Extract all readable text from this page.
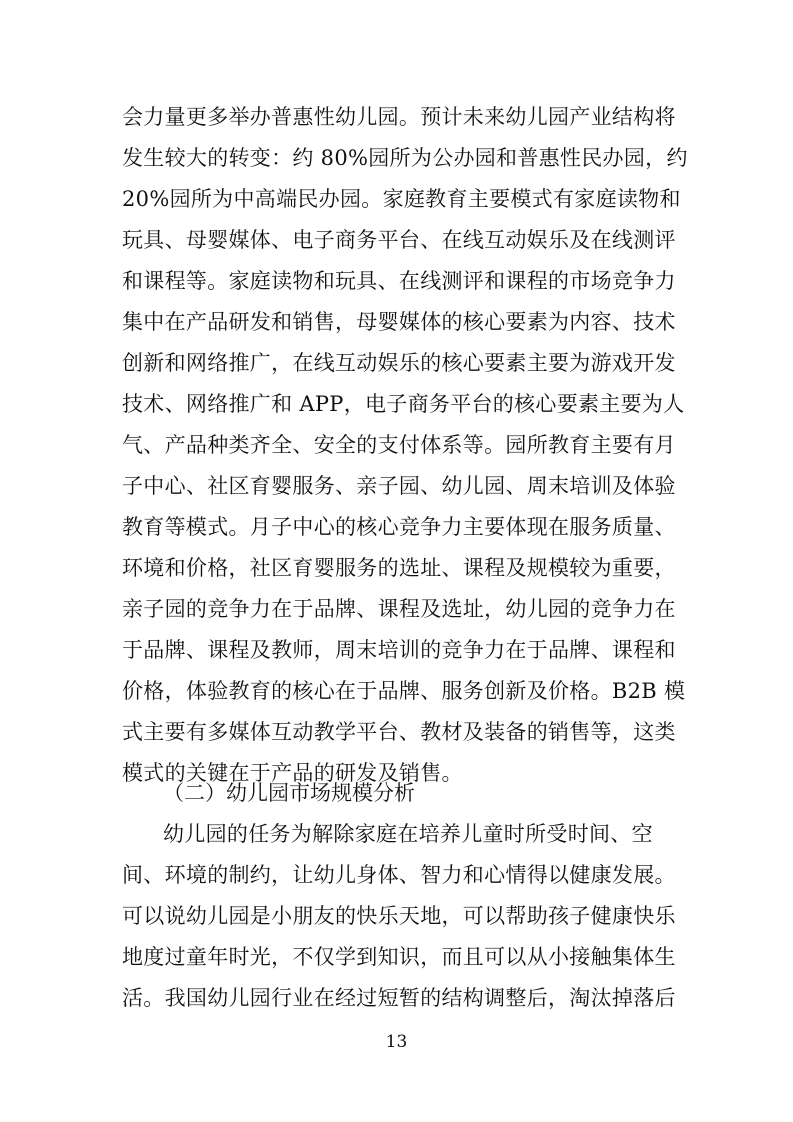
会力量更多举办普惠性幼儿园。预计未来幼儿园产业结构将
发生较大的转变：约 80%园所为公办园和普惠性民办园，约
20%园所为中高端民办园。家庭教育主要模式有家庭读物和
玩具、母婴媒体、电子商务平台、在线互动娱乐及在线测评
和课程等。家庭读物和玩具、在线测评和课程的市场竞争力
集中在产品研发和销售，母婴媒体的核心要素为内容、技术
创新和网络推广，在线互动娱乐的核心要素主要为游戏开发
技术、网络推广和 APP，电子商务平台的核心要素主要为人
气、产品种类齐全、安全的支付体系等。园所教育主要有月
子中心、社区育婴服务、亲子园、幼儿园、周末培训及体验
教育等模式。月子中心的核心竞争力主要体现在服务质量、
环境和价格，社区育婴服务的选址、课程及规模较为重要，
亲子园的竞争力在于品牌、课程及选址，幼儿园的竞争力在
于品牌、课程及教师，周末培训的竞争力在于品牌、课程和
价格，体验教育的核心在于品牌、服务创新及价格。B2B 模
式主要有多媒体互动教学平台、教材及装备的销售等，这类
模式的关键在于产品的研发及销售。
（二）幼儿园市场规模分析
幼儿园的任务为解除家庭在培养儿童时所受时间、空
间、环境的制约，让幼儿身体、智力和心情得以健康发展。
可以说幼儿园是小朋友的快乐天地，可以帮助孩子健康快乐
地度过童年时光，不仅学到知识，而且可以从小接触集体生
活。我国幼儿园行业在经过短暂的结构调整后，淘汰掉落后
13
